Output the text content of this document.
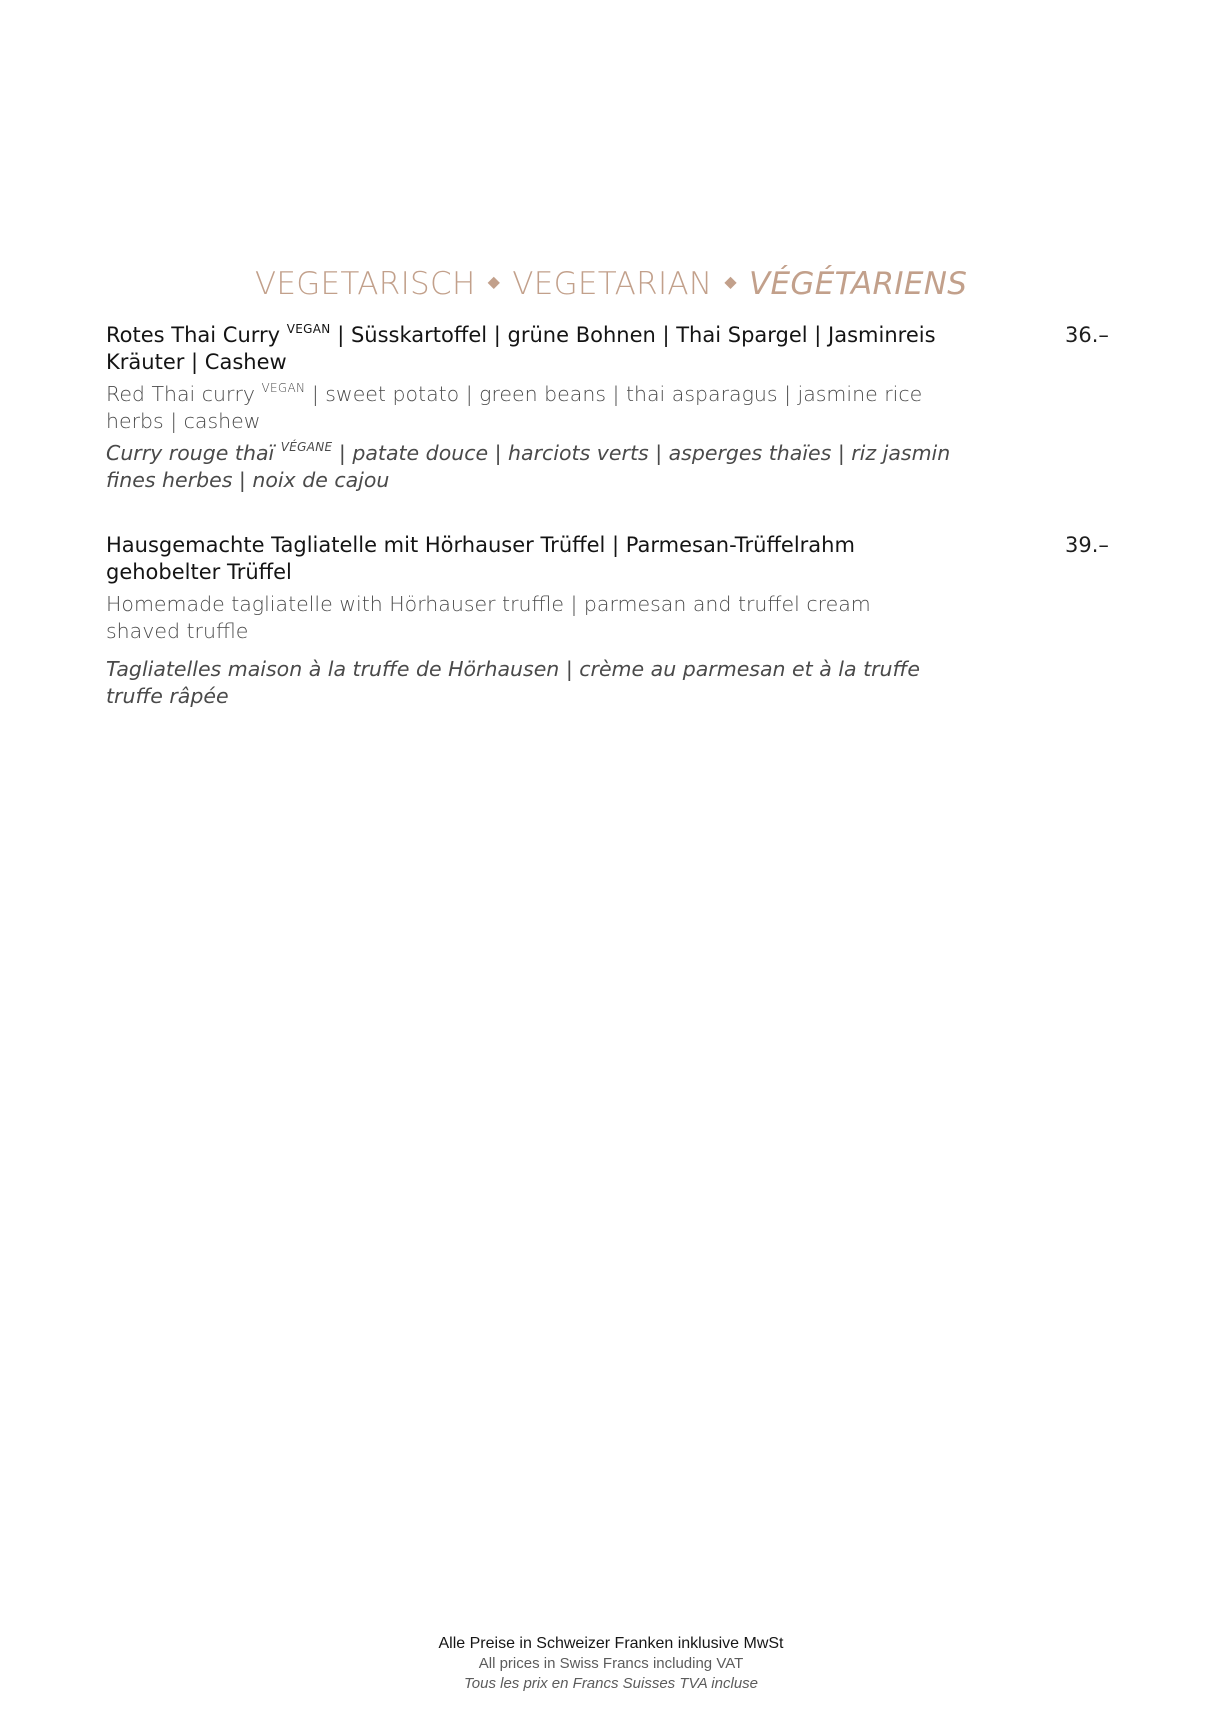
VEGETARISCH ◆ VEGETARIAN ◆ VÉGÉTARIENS

Rotes Thai Curry $^{VEGAN}$ | Süsskartoffel | grüne Bohnen | Thai Spargel | Jasminreis
Kräuter | Cashew

Red Thai curry $^{VEGAN}$ | sweet potato | green beans | thai asparagus | jasmine rice
herbs | cashew

Curry rouge thaï $^{VÉGANE}$ | patate douce | harciots verts | asperges thaïes | riz jasmin
fines herbes | noix de cajou

36.–

Hausgemachte Tagliatelle mit Hörhauser Trüffel | Parmesan-Trüffelrahm
gehobelter Trüffel

Homemade tagliatelle with Hörhauser truffle | parmesan and truffel cream
shaved truffle

Tagliatelles maison à la truffe de Hörhausen | crème au parmesan et à la truffe
truffe râpée

39.–
Alle Preise in Schweizer Franken inklusive MwSt
All prices in Swiss Francs including VAT
Tous les prix en Francs Suisses TVA incluse
